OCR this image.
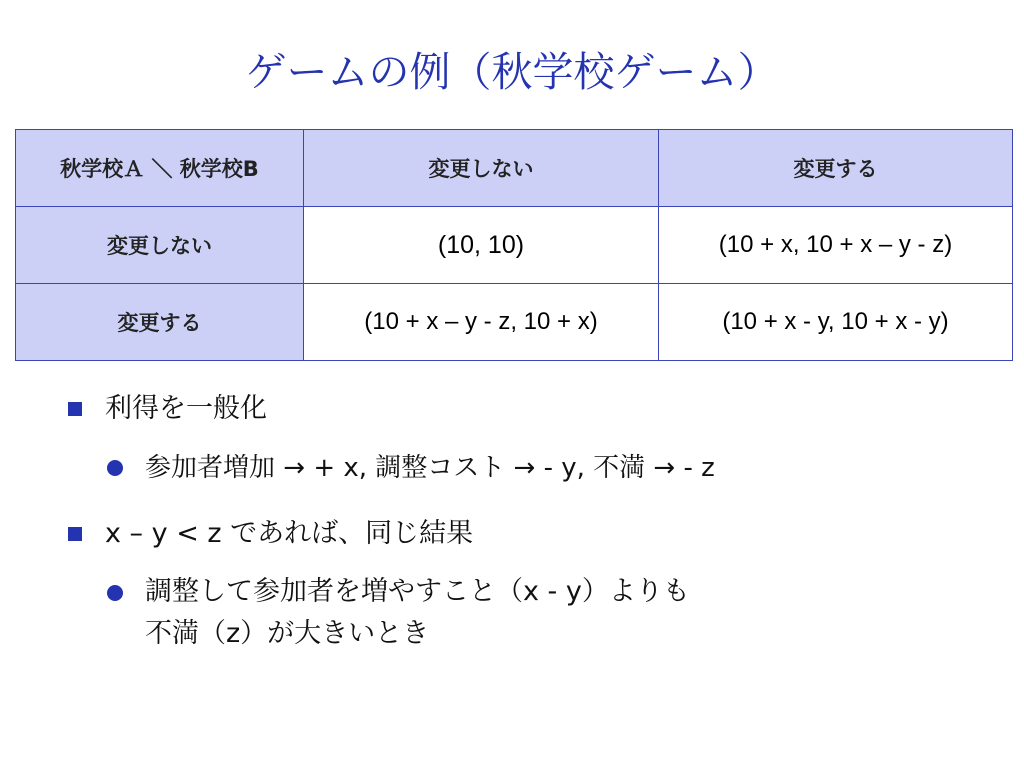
ゲームの例（秋学校ゲーム）
秋学校Ａ ＼ 秋学校B	変更しない	変更する
変更しない	(10, 10)	(10 + x, 10 + x – y - z)
変更する	(10 + x – y - z, 10 + x)	(10 + x - y, 10 + x - y)
利得を一般化
参加者増加 → + x, 調整コスト → - y, 不満 → - z
x – y < z であれば、同じ結果
調整して参加者を増やすこと（x - y）よりも
不満（z）が大きいとき
